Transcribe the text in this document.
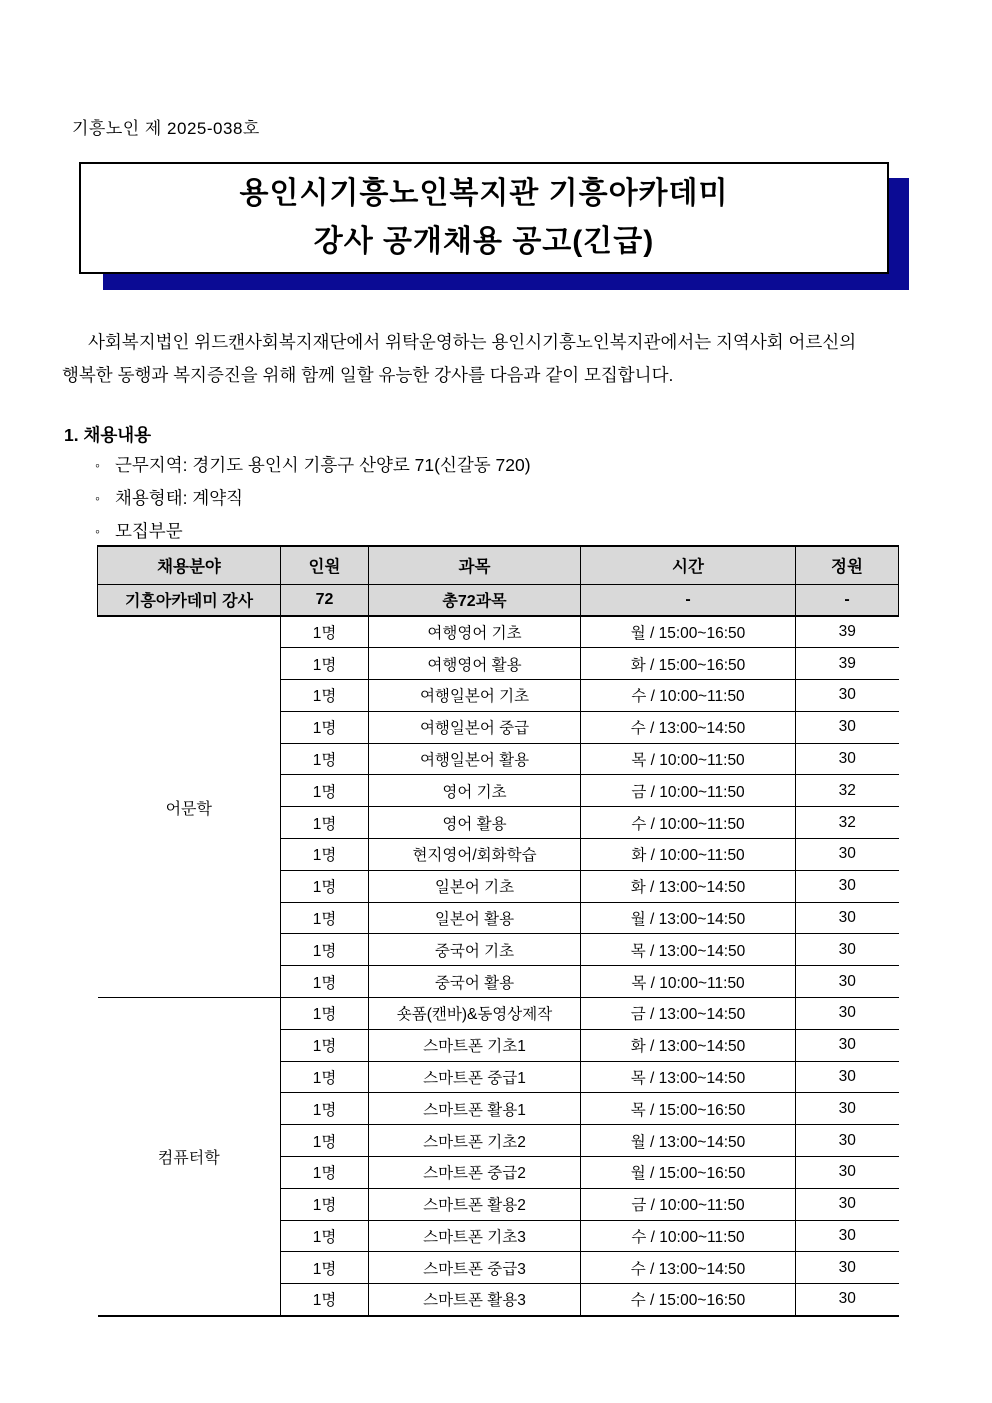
기흥노인 제 2025-038호
용인시기흥노인복지관 기흥아카데미
강사 공개채용 공고(긴급)
사회복지법인 위드캔사회복지재단에서 위탁운영하는 용인시기흥노인복지관에서는 지역사회 어르신의
행복한 동행과 복지증진을 위해 함께 일할 유능한 강사를 다음과 같이 모집합니다.
1. 채용내용
◦ 근무지역: 경기도 용인시 기흥구 산양로 71(신갈동 720)
◦ 채용형태: 계약직
◦ 모집부문
채용분야	인원	과목	시간	정원
기흥아카데미 강사	72	총72과목	-	-
어문학	1명	여행영어 기초	월 / 15:00~16:50	39
	1명	여행영어 활용	화 / 15:00~16:50	39
	1명	여행일본어 기초	수 / 10:00~11:50	30
	1명	여행일본어 중급	수 / 13:00~14:50	30
	1명	여행일본어 활용	목 / 10:00~11:50	30
	1명	영어 기초	금 / 10:00~11:50	32
	1명	영어 활용	수 / 10:00~11:50	32
	1명	현지영어/회화학습	화 / 10:00~11:50	30
	1명	일본어 기초	화 / 13:00~14:50	30
	1명	일본어 활용	월 / 13:00~14:50	30
	1명	중국어 기초	목 / 13:00~14:50	30
	1명	중국어 활용	목 / 10:00~11:50	30
컴퓨터학	1명	숏폼(캔바)&동영상제작	금 / 13:00~14:50	30
	1명	스마트폰 기초1	화 / 13:00~14:50	30
	1명	스마트폰 중급1	목 / 13:00~14:50	30
	1명	스마트폰 활용1	목 / 15:00~16:50	30
	1명	스마트폰 기초2	월 / 13:00~14:50	30
	1명	스마트폰 중급2	월 / 15:00~16:50	30
	1명	스마트폰 활용2	금 / 10:00~11:50	30
	1명	스마트폰 기초3	수 / 10:00~11:50	30
	1명	스마트폰 중급3	수 / 13:00~14:50	30
	1명	스마트폰 활용3	수 / 15:00~16:50	30
